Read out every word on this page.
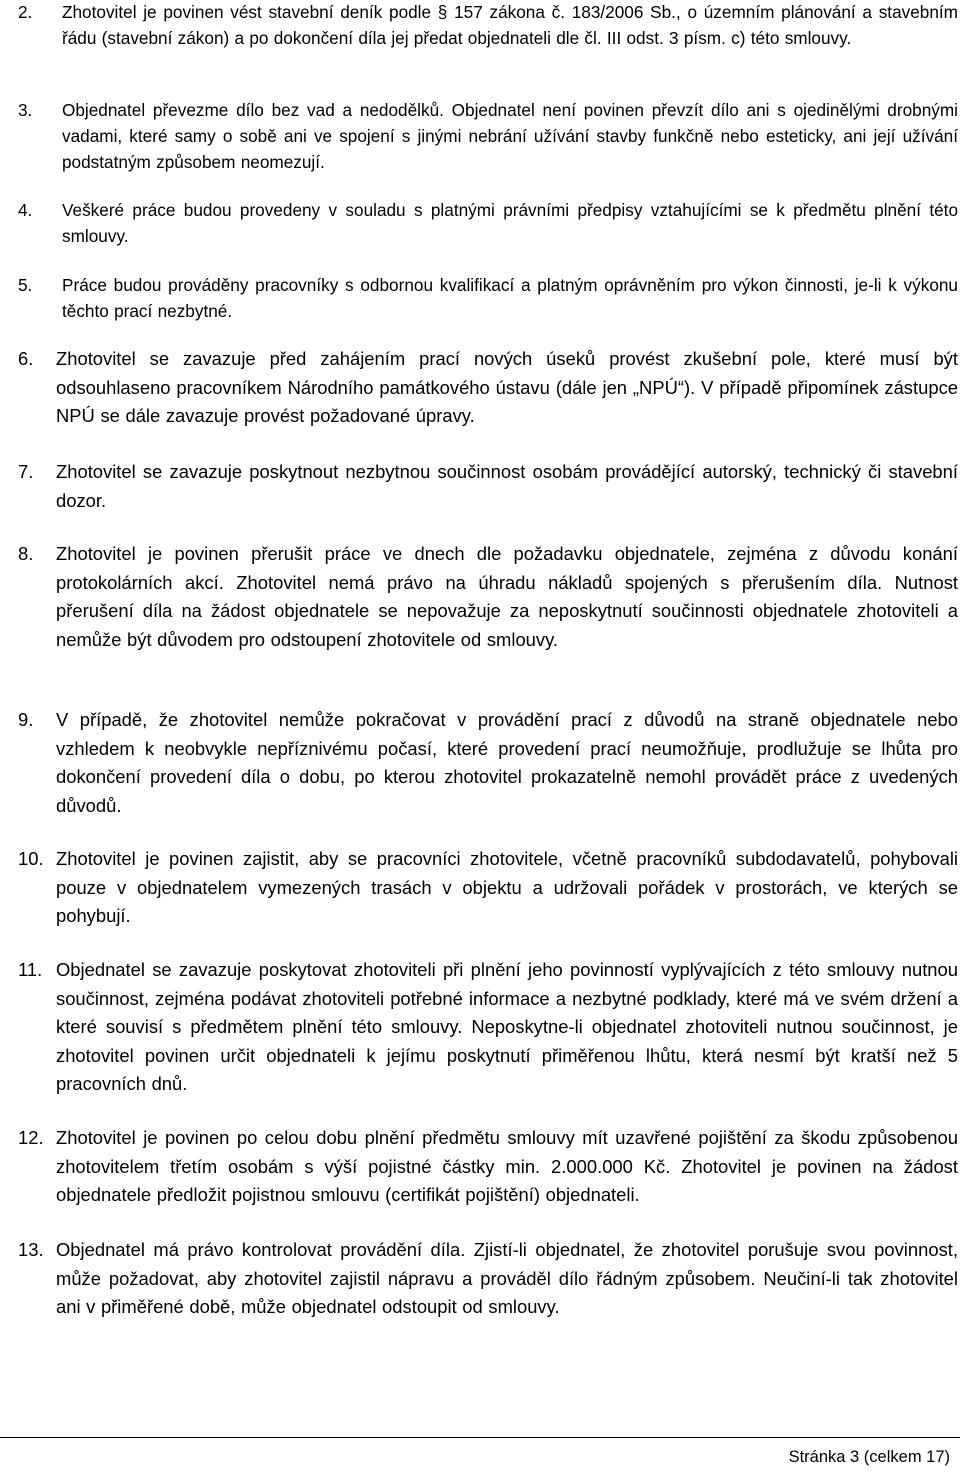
2.	Zhotovitel je povinen vést stavební deník podle § 157 zákona č. 183/2006 Sb., o územním plánování a stavebním řádu (stavební zákon) a po dokončení díla jej předat objednateli dle čl. III odst. 3 písm. c) této smlouvy.
3.	Objednatel převezme dílo bez vad a nedodělků. Objednatel není povinen převzít dílo ani s ojedinělými drobnými vadami, které samy o sobě ani ve spojení s jinými nebrání užívání stavby funkčně nebo esteticky, ani její užívání podstatným způsobem neomezují.
4.	Veškeré práce budou provedeny v souladu s platnými právními předpisy vztahujícími se k předmětu plnění této smlouvy.
5.	Práce budou prováděny pracovníky s odbornou kvalifikací a platným oprávněním pro výkon činnosti, je-li k výkonu těchto prací nezbytné.
6.	Zhotovitel se zavazuje před zahájením prací nových úseků provést zkušební pole, které musí být odsouhlaseno pracovníkem Národního památkového ústavu (dále jen „NPÚ“). V případě připomínek zástupce NPÚ se dále zavazuje provést požadované úpravy.
7.	Zhotovitel se zavazuje poskytnout nezbytnou součinnost osobám provádějící autorský, technický či stavební dozor.
8.	Zhotovitel je povinen přerušit práce ve dnech dle požadavku objednatele, zejména z důvodu konání protokolárních akcí. Zhotovitel nemá právo na úhradu nákladů spojených s přerušením díla. Nutnost přerušení díla na žádost objednatele se nepovažuje za neposkytnutí součinnosti objednatele zhotoviteli a nemůže být důvodem pro odstoupení zhotovitele od smlouvy.
9.	V případě, že zhotovitel nemůže pokračovat v provádění prací z důvodů na straně objednatele nebo vzhledem k neobvykle nepříznivému počasí, které provedení prací neumožňuje, prodlužuje se lhůta pro dokončení provedení díla o dobu, po kterou zhotovitel prokazatelně nemohl provádět práce z uvedených důvodů.
10. Zhotovitel je povinen zajistit, aby se pracovníci zhotovitele, včetně pracovníků subdodavatelů, pohybovali pouze v objednatelem vymezených trasách v objektu a udržovali pořádek v prostorách, ve kterých se pohybují.
11. Objednatel se zavazuje poskytovat zhotoviteli při plnění jeho povinností vyplývajících z této smlouvy nutnou součinnost, zejména podávat zhotoviteli potřebné informace a nezbytné podklady, které má ve svém držení a které souvisí s předmětem plnění této smlouvy. Neposkytne-li objednatel zhotoviteli nutnou součinnost, je zhotovitel povinen určit objednateli k jejímu poskytnutí přiměřenou lhůtu, která nesmí být kratší než 5 pracovních dnů.
12. Zhotovitel je povinen po celou dobu plnění předmětu smlouvy mít uzavřené pojištění za škodu způsobenou zhotovitelem třetím osobám s výší pojistné částky min. 2.000.000 Kč. Zhotovitel je povinen na žádost objednatele předložit pojistnou smlouvu (certifikát pojištění) objednateli.
13. Objednatel má právo kontrolovat provádění díla. Zjistí-li objednatel, že zhotovitel porušuje svou povinnost, může požadovat, aby zhotovitel zajistil nápravu a prováděl dílo řádným způsobem. Neučiní-li tak zhotovitel ani v přiměřené době, může objednatel odstoupit od smlouvy.
Stránka 3 (celkem 17)
